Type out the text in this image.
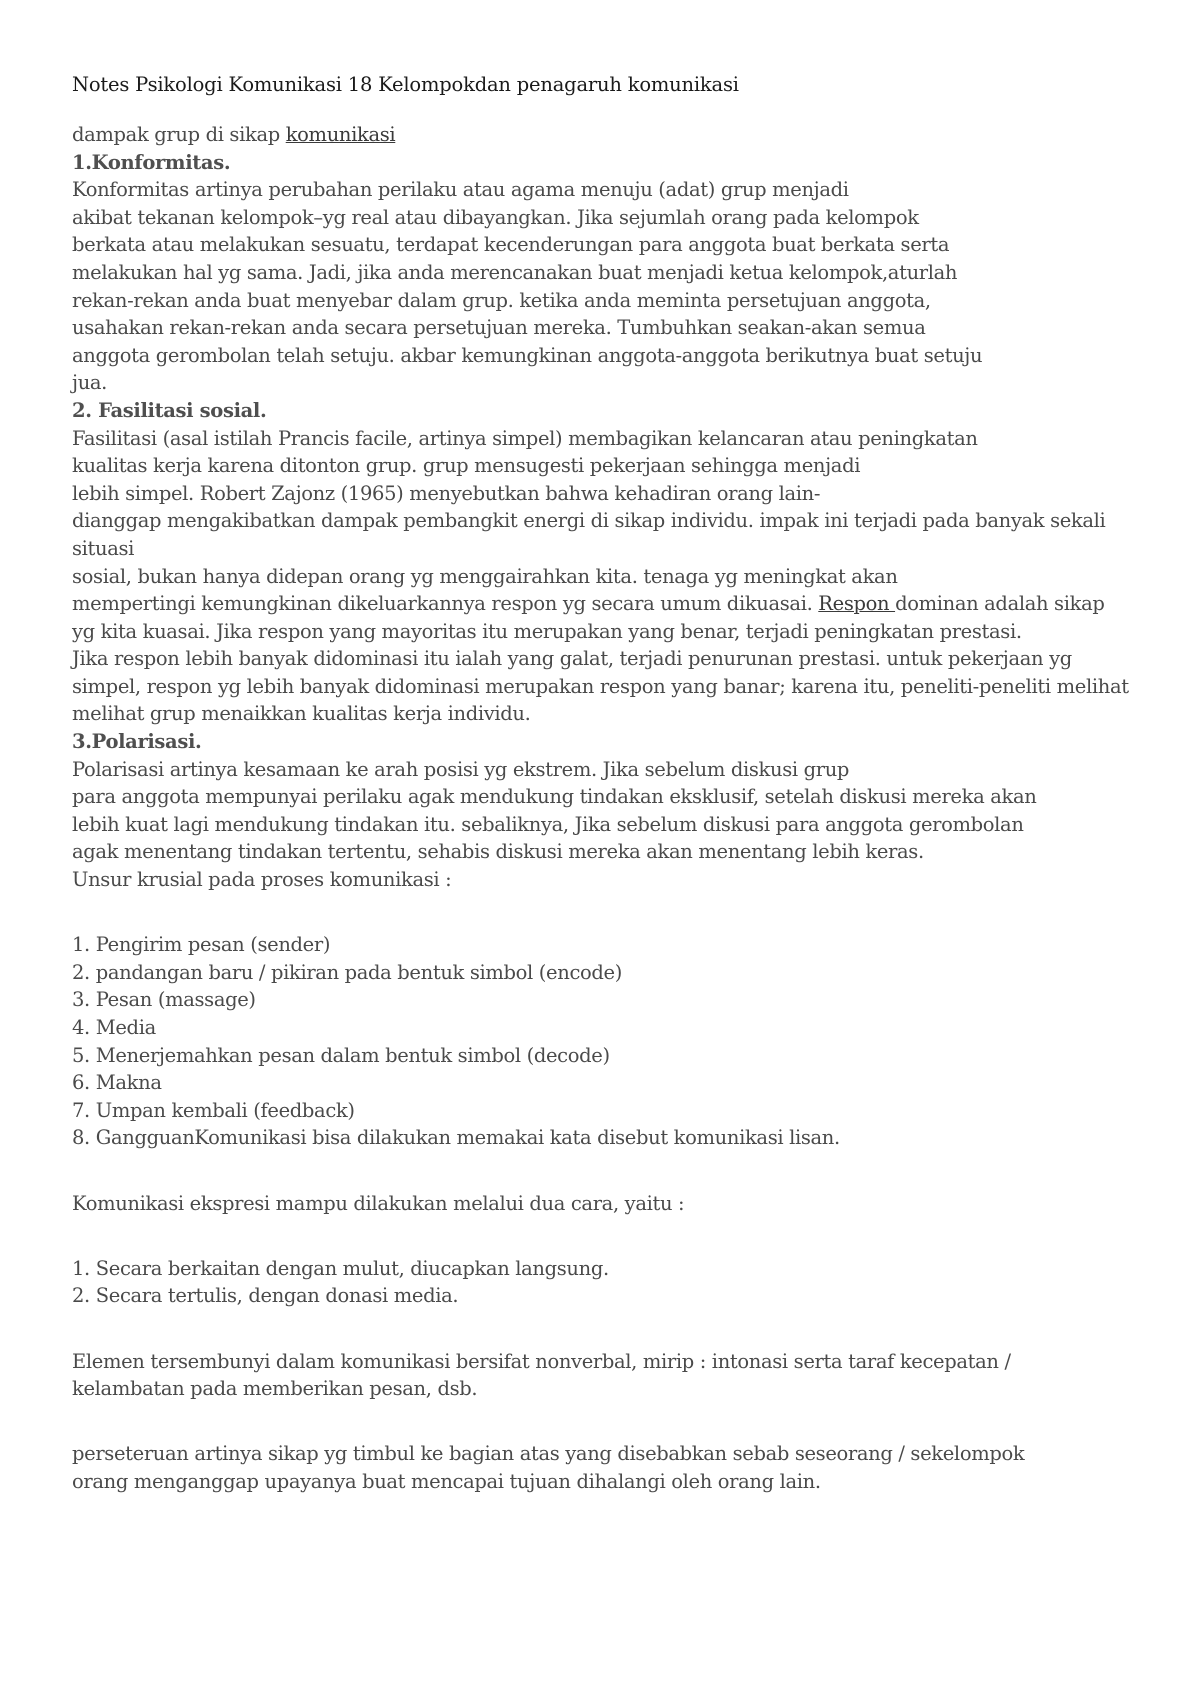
Notes Psikologi Komunikasi 18 Kelompokdan penagaruh komunikasi

dampak grup di sikap komunikasi

1.Konformitas.

Konformitas artinya perubahan perilaku atau agama menuju (adat) grup menjadi

akibat tekanan kelompok–yg real atau dibayangkan. Jika sejumlah orang pada kelompok

berkata atau melakukan sesuatu, terdapat kecenderungan para anggota buat berkata serta

melakukan hal yg sama. Jadi, jika anda merencanakan buat menjadi ketua kelompok,aturlah

rekan-rekan anda buat menyebar dalam grup. ketika anda meminta persetujuan anggota,

usahakan rekan-rekan anda secara persetujuan mereka. Tumbuhkan seakan-akan semua

anggota gerombolan telah setuju. akbar kemungkinan anggota-anggota berikutnya buat setuju

jua.

2. Fasilitasi sosial.

Fasilitasi (asal istilah Prancis facile, artinya simpel) membagikan kelancaran atau peningkatan

kualitas kerja karena ditonton grup. grup mensugesti pekerjaan sehingga menjadi

lebih simpel. Robert Zajonz (1965) menyebutkan bahwa kehadiran orang lain-

dianggap mengakibatkan dampak pembangkit energi di sikap individu. impak ini terjadi pada banyak sekali situasi

sosial, bukan hanya didepan orang yg menggairahkan kita. tenaga yg meningkat akan

mempertingi kemungkinan dikeluarkannya respon yg secara umum dikuasai. Respon dominan adalah sikap

yg kita kuasai. Jika respon yang mayoritas itu merupakan yang benar, terjadi peningkatan prestasi.

Jika respon lebih banyak didominasi itu ialah yang galat, terjadi penurunan prestasi. untuk pekerjaan yg

simpel, respon yg lebih banyak didominasi merupakan respon yang banar; karena itu, peneliti-peneliti melihat

melihat grup menaikkan kualitas kerja individu.

3.Polarisasi.

Polarisasi artinya kesamaan ke arah posisi yg ekstrem. Jika sebelum diskusi grup

para anggota mempunyai perilaku agak mendukung tindakan eksklusif, setelah diskusi mereka akan

lebih kuat lagi mendukung tindakan itu. sebaliknya, Jika sebelum diskusi para anggota gerombolan

agak menentang tindakan tertentu, sehabis diskusi mereka akan menentang lebih keras.

Unsur krusial pada proses komunikasi :

1. Pengirim pesan (sender)

2. pandangan baru / pikiran pada bentuk simbol (encode)

3. Pesan (massage)

4. Media

5. Menerjemahkan pesan dalam bentuk simbol (decode)

6. Makna

7. Umpan kembali (feedback)

8. GangguanKomunikasi bisa dilakukan memakai kata disebut komunikasi lisan.

Komunikasi ekspresi mampu dilakukan melalui dua cara, yaitu :

1. Secara berkaitan dengan mulut, diucapkan langsung.

2. Secara tertulis, dengan donasi media.

Elemen tersembunyi dalam komunikasi bersifat nonverbal, mirip : intonasi serta taraf kecepatan /

kelambatan pada memberikan pesan, dsb.

perseteruan artinya sikap yg timbul ke bagian atas yang disebabkan sebab seseorang / sekelompok

orang menganggap upayanya buat mencapai tujuan dihalangi oleh orang lain.
